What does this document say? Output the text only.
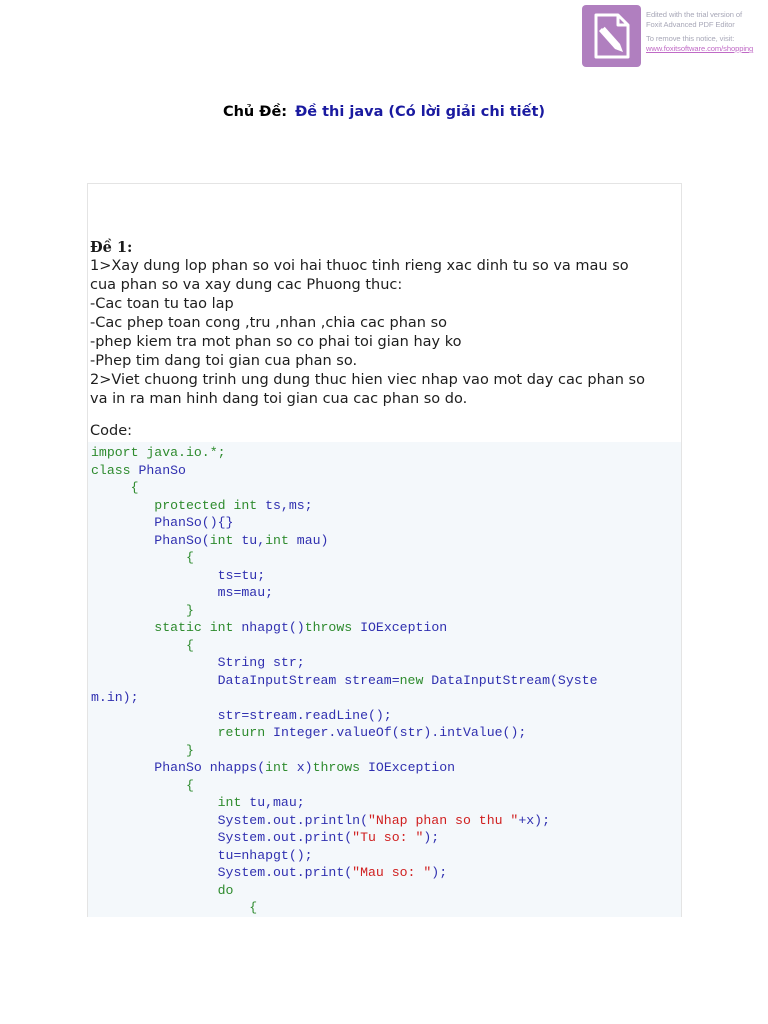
Edited with the trial version of
Foxit Advanced PDF Editor
To remove this notice, visit:
www.foxitsoftware.com/shopping
Chủ Đề: Đề thi java (Có lời giải chi tiết)
Đề 1:
1>Xay dung lop phan so voi hai thuoc tinh rieng xac dinh tu so va mau so
cua phan so va xay dung cac Phuong thuc:
-Cac toan tu tao lap
-Cac phep toan cong ,tru ,nhan ,chia cac phan so
-phep kiem tra mot phan so co phai toi gian hay ko
-Phep tim dang toi gian cua phan so.
2>Viet chuong trinh ung dung thuc hien viec nhap vao mot day cac phan so
va in ra man hinh dang toi gian cua cac phan so do.
Code:
import java.io.*;
class PhanSo
{
protected int ts,ms;
PhanSo(){}
PhanSo(int tu,int mau)
{
ts=tu;
ms=mau;
}
static int nhapgt()throws IOException
{
String str;
DataInputStream stream=new DataInputStream(Syste
m.in);
str=stream.readLine();
return Integer.valueOf(str).intValue();
}
PhanSo nhapps(int x)throws IOException
{
int tu,mau;
System.out.println("Nhap phan so thu "+x);
System.out.print("Tu so: ");
tu=nhapgt();
System.out.print("Mau so: ");
do
{
